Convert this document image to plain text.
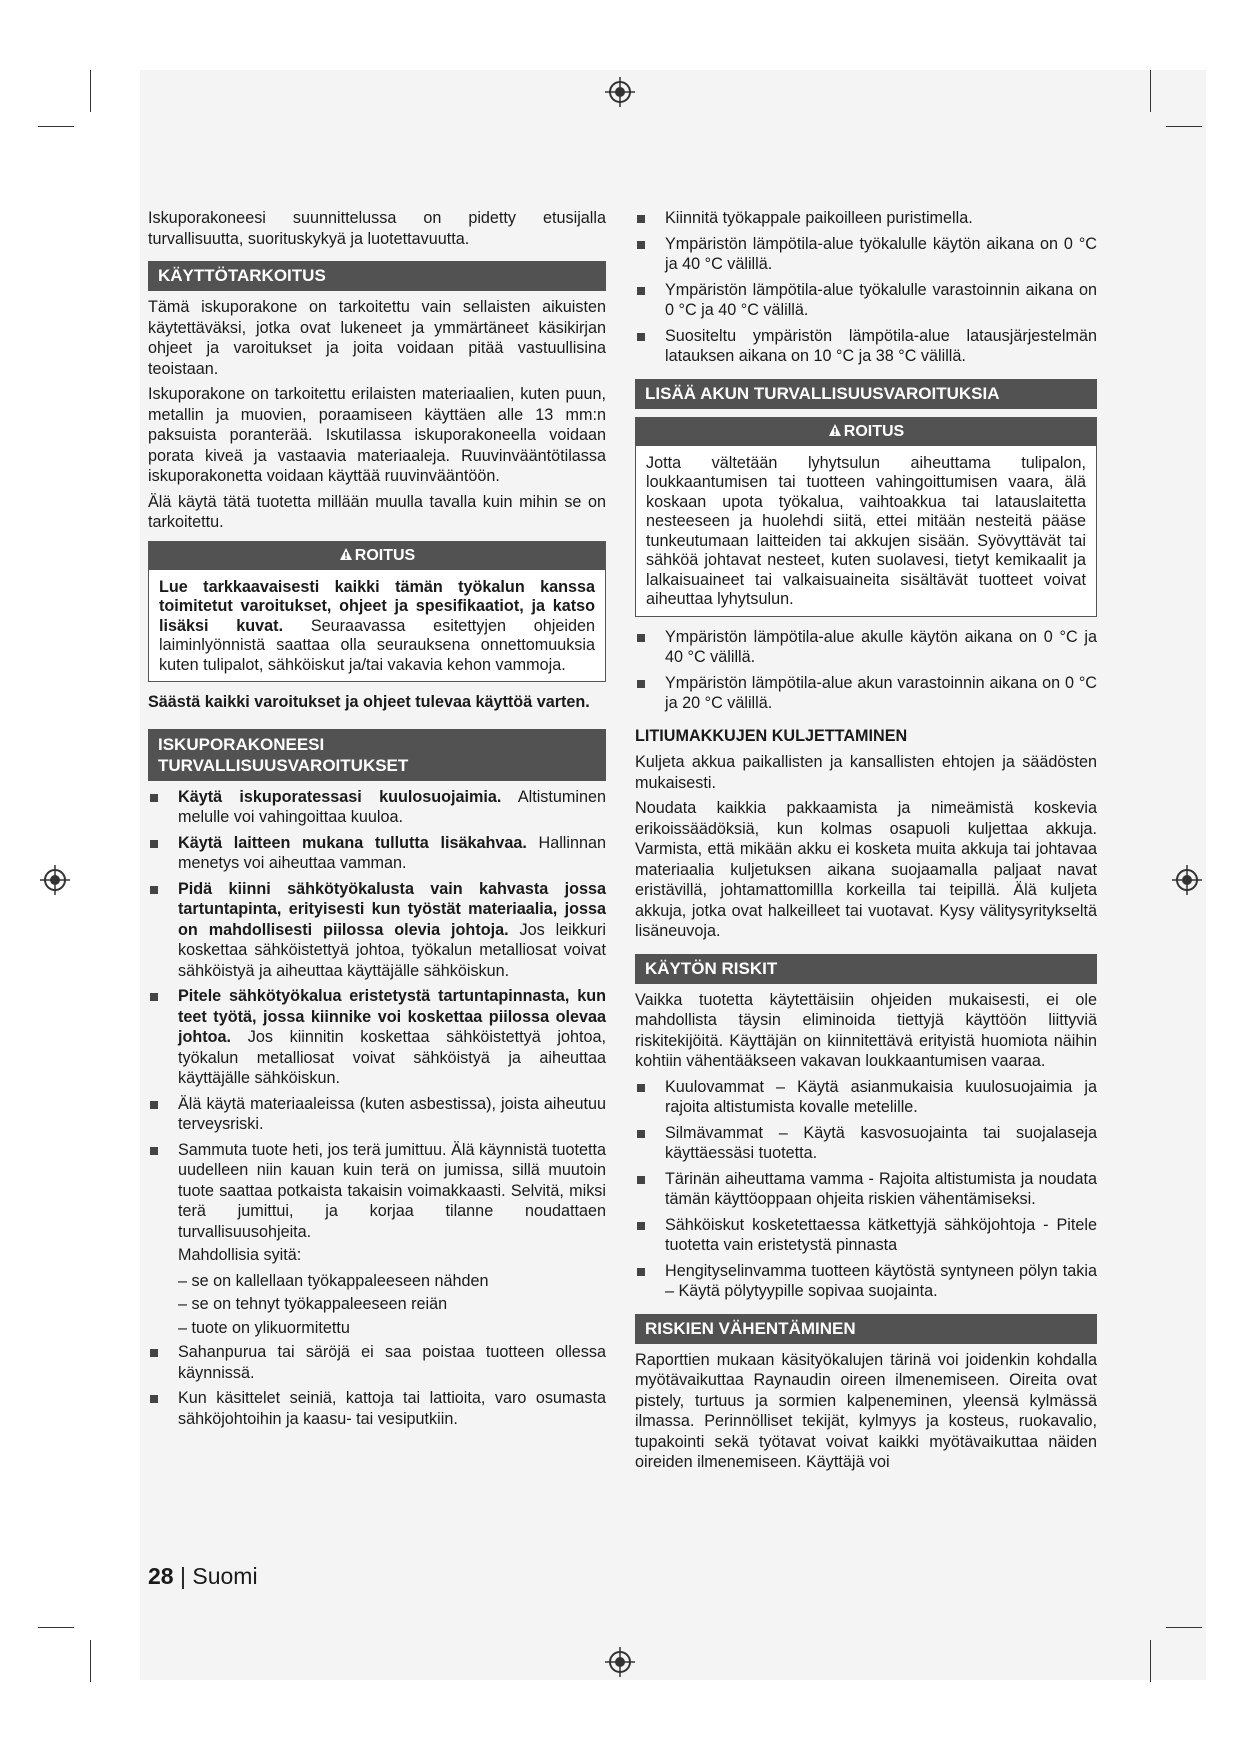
Iskuporakoneesi suunnittelussa on pidetty etusijalla turvallisuutta, suorituskykyä ja luotettavuutta.

KÄYTTÖTARKOITUS

Tämä iskuporakone on tarkoitettu vain sellaisten aikuisten käytettäväksi, jotka ovat lukeneet ja ymmärtäneet käsikirjan ohjeet ja varoitukset ja joita voidaan pitää vastuullisina teoistaan.

Iskuporakone on tarkoitettu erilaisten materiaalien, kuten puun, metallin ja muovien, poraamiseen käyttäen alle 13 mm:n paksuista poranterää. Iskutilassa iskuporakoneella voidaan porata kiveä ja vastaavia materiaaleja. Ruuvinvääntötilassa iskuporakonetta voidaan käyttää ruuvinvääntöön.

Älä käytä tätä tuotetta millään muulla tavalla kuin mihin se on tarkoitettu.

ROITUS

Lue tarkkaavaisesti kaikki tämän työkalun kanssa toimitetut varoitukset, ohjeet ja spesifikaatiot, ja katso lisäksi kuvat. Seuraavassa esitettyjen ohjeiden laiminlyönnistä saattaa olla seurauksena onnettomuuksia kuten tulipalot, sähköiskut ja/tai vakavia kehon vammoja.

Säästä kaikki varoitukset ja ohjeet tulevaa käyttöä varten.

ISKUPORAKONEESI
TURVALLISUUSVAROITUKSET
Käytä iskuporatessasi kuulosuojaimia. Altistuminen melulle voi vahingoittaa kuuloa.
Käytä laitteen mukana tullutta lisäkahvaa. Hallinnan menetys voi aiheuttaa vamman.
Pidä kiinni sähkötyökalusta vain kahvasta jossa tartuntapinta, erityisesti kun työstät materiaalia, jossa on mahdollisesti piilossa olevia johtoja. Jos leikkuri koskettaa sähköistettyä johtoa, työkalun metalliosat voivat sähköistyä ja aiheuttaa käyttäjälle sähköiskun.
Pitele sähkötyökalua eristetystä tartuntapinnasta, kun teet työtä, jossa kiinnike voi koskettaa piilossa olevaa johtoa. Jos kiinnitin koskettaa sähköistettyä johtoa, työkalun metalliosat voivat sähköistyä ja aiheuttaa käyttäjälle sähköiskun.
Älä käytä materiaaleissa (kuten asbestissa), joista aiheutuu terveysriski.
Sammuta tuote heti, jos terä jumittuu. Älä käynnistä tuotetta uudelleen niin kauan kuin terä on jumissa, sillä muutoin tuote saattaa potkaista takaisin voimakkaasti. Selvitä, miksi terä jumittui, ja korjaa tilanne noudattaen turvallisuusohjeita.
Mahdollisia syitä:
– se on kallellaan työkappaleeseen nähden
– se on tehnyt työkappaleeseen reiän
– tuote on ylikuormitettu
Sahanpurua tai säröjä ei saa poistaa tuotteen ollessa käynnissä.
Kun käsittelet seiniä, kattoja tai lattioita, varo osumasta sähköjohtoihin ja kaasu- tai vesiputkiin.
Kiinnitä työkappale paikoilleen puristimella.
Ympäristön lämpötila-alue työkalulle käytön aikana on 0 °C ja 40 °C välillä.
Ympäristön lämpötila-alue työkalulle varastoinnin aikana on 0 °C ja 40 °C välillä.
Suositeltu ympäristön lämpötila-alue latausjärjestelmän latauksen aikana on 10 °C ja 38 °C välillä.
LISÄÄ AKUN TURVALLISUUSVAROITUKSIA
ROITUS

Jotta vältetään lyhytsulun aiheuttama tulipalon, loukkaantumisen tai tuotteen vahingoittumisen vaara, älä koskaan upota työkalua, vaihtoakkua tai latauslaitetta nesteeseen ja huolehdi siitä, ettei mitään nesteitä pääse tunkeutumaan laitteiden tai akkujen sisään. Syövyttävät tai sähköä johtavat nesteet, kuten suolavesi, tietyt kemikaalit ja lalkaisuaineet tai valkaisuaineita sisältävät tuotteet voivat aiheuttaa lyhytsulun.

Ympäristön lämpötila-alue akulle käytön aikana on 0 °C ja 40 °C välillä.
Ympäristön lämpötila-alue akun varastoinnin aikana on 0 °C ja 20 °C välillä.
LITIUMAKKUJEN KULJETTAMINEN

Kuljeta akkua paikallisten ja kansallisten ehtojen ja säädösten mukaisesti.

Noudata kaikkia pakkaamista ja nimeämistä koskevia erikoissäädöksiä, kun kolmas osapuoli kuljettaa akkuja. Varmista, että mikään akku ei kosketa muita akkuja tai johtavaa materiaalia kuljetuksen aikana suojaamalla paljaat navat eristävillä, johtamattomillla korkeilla tai teipillä. Älä kuljeta akkuja, jotka ovat halkeilleet tai vuotavat. Kysy välitysyritykseltä lisäneuvoja.

KÄYTÖN RISKIT

Vaikka tuotetta käytettäisiin ohjeiden mukaisesti, ei ole mahdollista täysin eliminoida tiettyjä käyttöön liittyviä riskitekijöitä. Käyttäjän on kiinnitettävä erityistä huomiota näihin kohtiin vähentääkseen vakavan loukkaantumisen vaaraa.

Kuulovammat – Käytä asianmukaisia kuulosuojaimia ja rajoita altistumista kovalle metelille.
Silmävammat – Käytä kasvosuojainta tai suojalaseja käyttäessäsi tuotetta.
Tärinän aiheuttama vamma - Rajoita altistumista ja noudata tämän käyttöoppaan ohjeita riskien vähentämiseksi.
Sähköiskut kosketettaessa kätkettyjä sähköjohtoja - Pitele tuotetta vain eristetystä pinnasta
Hengityselinvamma tuotteen käytöstä syntyneen pölyn takia – Käytä pölytyypille sopivaa suojainta.
RISKIEN VÄHENTÄMINEN

Raporttien mukaan käsityökalujen tärinä voi joidenkin kohdalla myötävaikuttaa Raynaudin oireen ilmenemiseen. Oireita ovat pistely, turtuus ja sormien kalpeneminen, yleensä kylmässä ilmassa. Perinnölliset tekijät, kylmyys ja kosteus, ruokavalio, tupakointi sekä työtavat voivat kaikki myötävaikuttaa näiden oireiden ilmenemiseen. Käyttäjä voi

28 | Suomi
